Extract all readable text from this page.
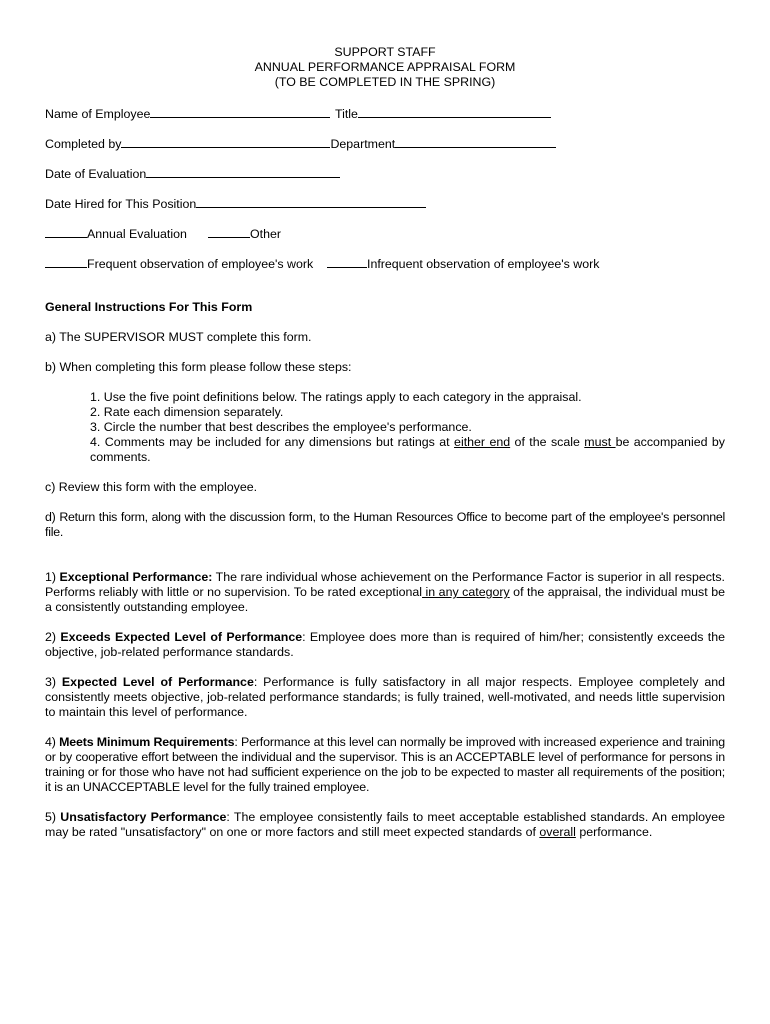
SUPPORT STAFF
ANNUAL PERFORMANCE APPRAISAL FORM
(TO BE COMPLETED IN THE SPRING)
Name of Employee	Title
Completed by	Department
Date of Evaluation
Date Hired for This Position
Annual Evaluation	Other
Frequent observation of employee's work	Infrequent observation of employee's work
General Instructions For This Form
a) The SUPERVISOR MUST complete this form.
b) When completing this form please follow these steps:
1. Use the five point definitions below. The ratings apply to each category in the appraisal.
2. Rate each dimension separately.
3. Circle the number that best describes the employee's performance.
4. Comments may be included for any dimensions but ratings at either end of the scale must be accompanied by comments.
c) Review this form with the employee.
d) Return this form, along with the discussion form, to the Human Resources Office to become part of the employee's personnel file.
1) Exceptional Performance: The rare individual whose achievement on the Performance Factor is superior in all respects. Performs reliably with little or no supervision. To be rated exceptional in any category of the appraisal, the individual must be a consistently outstanding employee.
2) Exceeds Expected Level of Performance: Employee does more than is required of him/her; consistently exceeds the objective, job-related performance standards.
3) Expected Level of Performance: Performance is fully satisfactory in all major respects. Employee completely and consistently meets objective, job-related performance standards; is fully trained, well-motivated, and needs little supervision to maintain this level of performance.
4) Meets Minimum Requirements: Performance at this level can normally be improved with increased experience and training or by cooperative effort between the individual and the supervisor. This is an ACCEPTABLE level of performance for persons in training or for those who have not had sufficient experience on the job to be expected to master all requirements of the position; it is an UNACCEPTABLE level for the fully trained employee.
5) Unsatisfactory Performance: The employee consistently fails to meet acceptable established standards. An employee may be rated "unsatisfactory" on one or more factors and still meet expected standards of overall performance.
